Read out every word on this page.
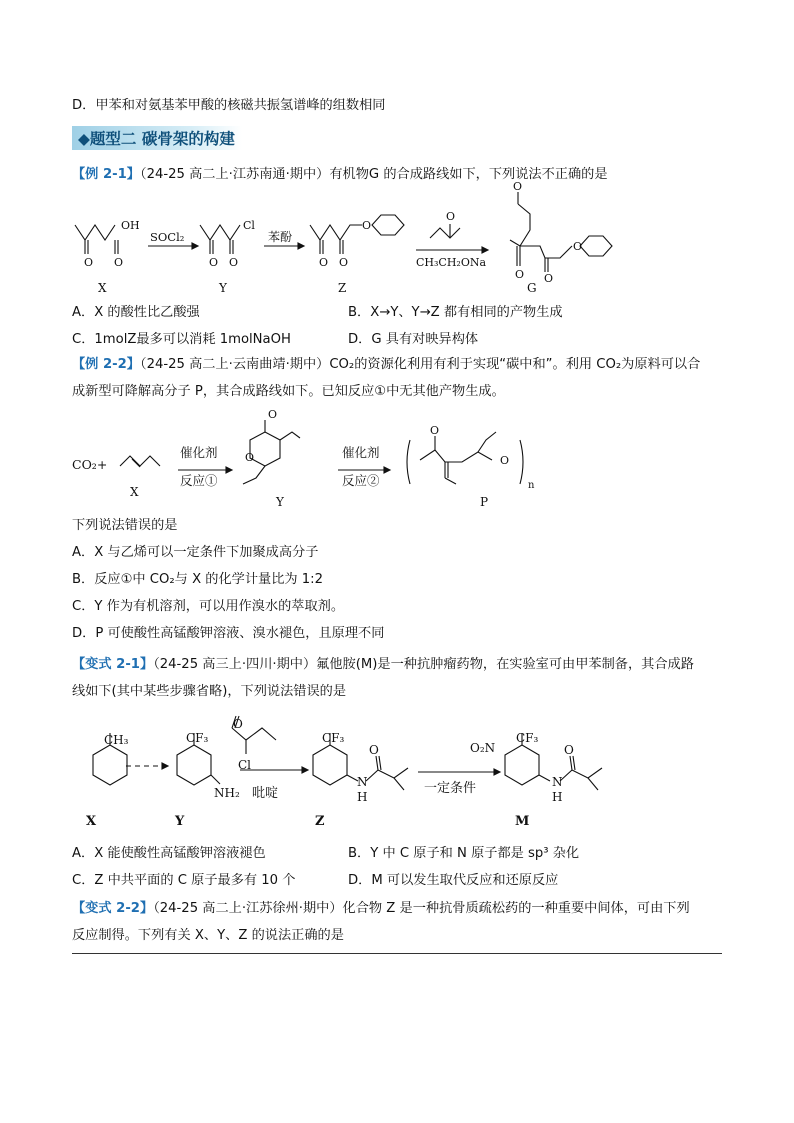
D．甲苯和对氨基苯甲酸的核磁共振氢谱峰的组数相同
◆题型二 碳骨架的构建
【例 2-1】（24-25 高二上·江苏南通·期中）有机物G 的合成路线如下，下列说法不正确的是
OH	Cl	O
O
O
O
O O	O O	O O
O O
SOCl₂	苯酚
CH₃CH₂ONa
X	Y	Z	G
A．X 的酸性比乙酸强	B．X→Y、Y→Z 都有相同的产物生成
C．1molZ最多可以消耗 1molNaOH	D．G 具有对映异构体
【例 2-2】（24-25 高二上·云南曲靖·期中）CO₂的资源化利用有利于实现“碳中和”。利用 CO₂为原料可以合
成新型可降解高分子 P，其合成路线如下。已知反应①中无其他产物生成。
CO₂+
O
O
O
O
n
催化剂
反应①
催化剂
反应②
X
Y	P
下列说法错误的是
A．X 与乙烯可以一定条件下加聚成高分子
B．反应①中 CO₂与 X 的化学计量比为 1:2
C．Y 作为有机溶剂，可以用作溴水的萃取剂。
D．P 可使酸性高锰酸钾溶液、溴水褪色，且原理不同
【变式 2-1】（24-25 高三上·四川·期中）氟他胺(M)是一种抗肿瘤药物，在实验室可由甲苯制备，其合成路
线如下(其中某些步骤省略)，下列说法错误的是
CH₃	CF₃
NH₂
O
Cl
CF₃
O
N
H
O₂N
CF₃
O
N
H
吡啶	一定条件
X	Y	Z	M
A．X 能使酸性高锰酸钾溶液褪色	B．Y 中 C 原子和 N 原子都是 sp³ 杂化
C．Z 中共平面的 C 原子最多有 10 个	D．M 可以发生取代反应和还原反应
【变式 2-2】（24-25 高二上·江苏徐州·期中）化合物 Z 是一种抗骨质疏松药的一种重要中间体，可由下列
反应制得。下列有关 X、Y、Z 的说法正确的是
